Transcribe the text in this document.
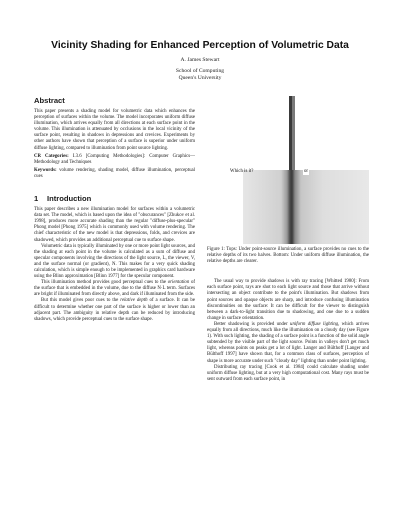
Vicinity Shading for Enhanced Perception of Volumetric Data
A. James Stewart
School of Computing
Queen's University
Abstract

This paper presents a shading model for volumetric data which enhances the perception of surfaces within the volume. The model incorporates uniform diffuse illumination, which arrives equally from all directions at each surface point in the volume. This illumination is attenuated by occlusions in the local vicinity of the surface point, resulting in shadows in depressions and crevices. Experiments by other authors have shown that perception of a surface is superior under uniform diffuse lighting, compared to illumination from point source lighting.

CR Categories: I.3.6 [Computing Methodologies]: Computer Graphics—Methodology and Techniques

Keywords: volume rendering, shading model, diffuse illumination, perceptual cues

1 Introduction

This paper describes a new illumination model for surfaces within a volumetric data set. The model, which is based upon the idea of "obscurances" [Zhukov et al. 1998], produces more accurate shading than the regular "diffuse-plus-specular" Phong model [Phong 1975] which is commonly used with volume rendering. The chief characteristic of the new model is that depressions, folds, and crevices are shadowed, which provides an additional perceptual cue to surface shape.

Volumetric data is typically illuminated by one or more point light sources, and the shading at each point in the volume is calculated as a sum of diffuse and specular components involving the directions of the light source, L, the viewer, V, and the surface normal (or gradient), N. This makes for a very quick shading calculation, which is simple enough to be implemented in graphics card hardware using the Blinn approximation [Blinn 1977] for the specular component.

This illumination method provides good perceptual cues to the orientation of the surface that is embedded in the volume, due to the diffuse N·L term. Surfaces are bright if illuminated from directly above, and dark if illuminated from the side.

But this model gives poor cues to the relative depth of a surface. It can be difficult to determine whether one part of the surface is higher or lower than an adjacent part. The ambiguity in relative depth can be reduced by introducing shadows, which provide perceptual cues to the surface shape.

Which is it?	or

Figure 1: Tops: Under point-source illumination, a surface provides no cues to the relative depths of its two halves. Bottom: Under uniform diffuse illumination, the relative depths are clearer.

The usual way to provide shadows is with ray tracing [Whitted 1980]: From each surface point, rays are shot to each light source and those that arrive without intersecting an object contribute to the point's illumination. But shadows from point sources and opaque objects are sharp, and introduce confusing illumination discontinuities on the surface: It can be difficult for the viewer to distinguish between a dark-to-light transition due to shadowing, and one due to a sudden change in surface orientation.

Better shadowing is provided under uniform diffuse lighting, which arrives equally from all directions, much like the illumination on a cloudy day (see Figure 1). With such lighting, the shading of a surface point is a function of the solid angle subtended by the visible part of the light source. Points in valleys don't get much light, whereas points on peaks get a lot of light. Langer and Bülthoff [Langer and Bülthoff 1997] have shown that, for a common class of surfaces, perception of shape is more accurate under such "cloudy day" lighting than under point lighting.

Distributing ray tracing [Cook et al. 1984] could calculate shading under uniform diffuse lighting, but at a very high computational cost. Many rays must be sent outward from each surface point, in
